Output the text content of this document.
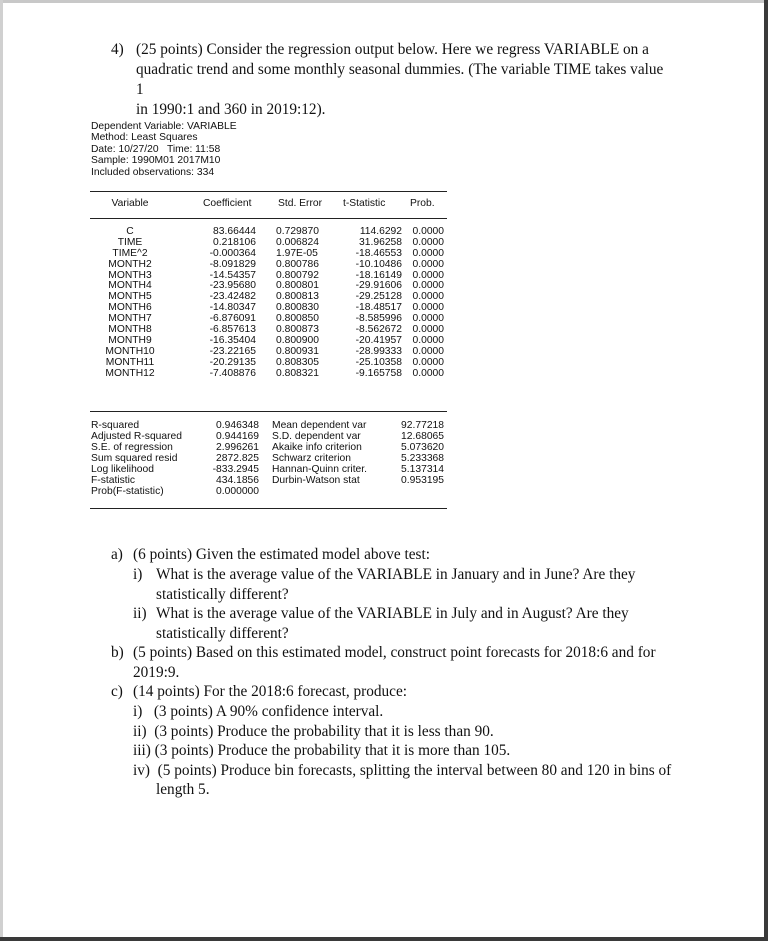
4) (25 points) Consider the regression output below. Here we regress VARIABLE on a
quadratic trend and some monthly seasonal dummies. (The variable TIME takes value 1
in 1990:1 and 360 in 2019:12).
Dependent Variable: VARIABLE
Method: Least Squares
Date: 10/27/20   Time: 11:58
Sample: 1990M01 2017M10
Included observations: 334
Variable	Coefficient	Std. Error t-Statistic Prob.
C
TIME
TIME^2
MONTH2
MONTH3
MONTH4
MONTH5
MONTH6
MONTH7
MONTH8
MONTH9
MONTH10
MONTH11
MONTH12
83.66444
0.218106
-0.000364
-8.091829
-14.54357
-23.95680
-23.42482
-14.80347
-6.876091
-6.857613
-16.35404
-23.22165
-20.29135
-7.408876
0.729870
0.006824
1.97E-05
0.800786
0.800792
0.800801
0.800813
0.800830
0.800850
0.800873
0.800900
0.800931
0.808305
0.808321
114.6292
31.96258
-18.46553
-10.10486
-18.16149
-29.91606
-29.25128
-18.48517
-8.585996
-8.562672
-20.41957
-28.99333
-25.10358
-9.165758
0.0000
0.0000
0.0000
0.0000
0.0000
0.0000
0.0000
0.0000
0.0000
0.0000
0.0000
0.0000
0.0000
0.0000
R-squared
Adjusted R-squared
S.E. of regression
Sum squared resid
Log likelihood
F-statistic
Prob(F-statistic)
0.946348
0.944169
2.996261
2872.825
-833.2945
434.1856
0.000000
Mean dependent var
S.D. dependent var
Akaike info criterion
Schwarz criterion
Hannan-Quinn criter.
Durbin-Watson stat
92.77218
12.68065
5.073620
5.233368
5.137314
0.953195
a) (6 points) Given the estimated model above test:
i) What is the average value of the VARIABLE in January and in June? Are they
statistically different?
ii) What is the average value of the VARIABLE in July and in August? Are they
statistically different?
b) (5 points) Based on this estimated model, construct point forecasts for 2018:6 and for
2019:9.
c) (14 points) For the 2018:6 forecast, produce:
i)   (3 points) A 90% confidence interval.
ii)  (3 points) Produce the probability that it is less than 90.
iii) (3 points) Produce the probability that it is more than 105.
iv)  (5 points) Produce bin forecasts, splitting the interval between 80 and 120 in bins of
length 5.
